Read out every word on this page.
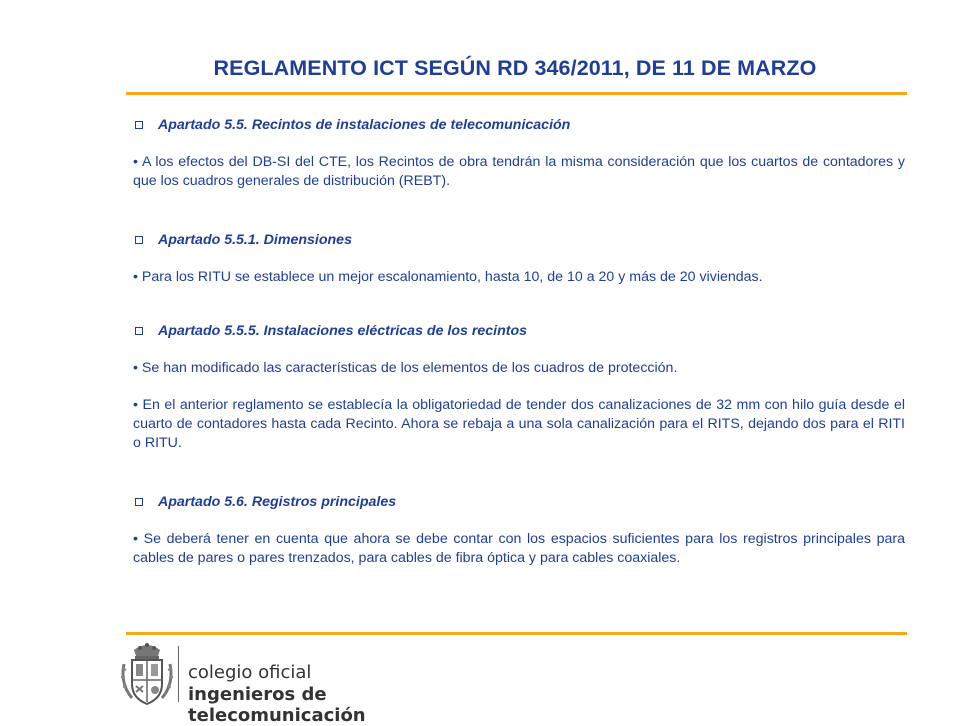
REGLAMENTO ICT SEGÚN RD 346/2011, DE 11 DE MARZO

Apartado 5.5. Recintos de instalaciones de telecomunicación

• A los efectos del DB-SI del CTE, los Recintos de obra tendrán la misma consideración que los cuartos de contadores y que los cuadros generales de distribución (REBT).

Apartado 5.5.1. Dimensiones

• Para los RITU se establece un mejor escalonamiento, hasta 10, de 10 a 20 y más de 20 viviendas.

Apartado 5.5.5. Instalaciones eléctricas de los recintos

• Se han modificado las características de los elementos de los cuadros de protección.

• En el anterior reglamento se establecía la obligatoriedad de tender dos canalizaciones de 32 mm con hilo guía desde el cuarto de contadores hasta cada Recinto. Ahora se rebaja a una sola canalización para el RITS, dejando dos para el RITI o RITU.

Apartado 5.6. Registros principales

• Se deberá tener en cuenta que ahora se debe contar con los espacios suficientes para los registros principales para cables de pares o pares trenzados, para cables de fibra óptica y para cables coaxiales.

colegio oficial
ingenieros de telecomunicación
